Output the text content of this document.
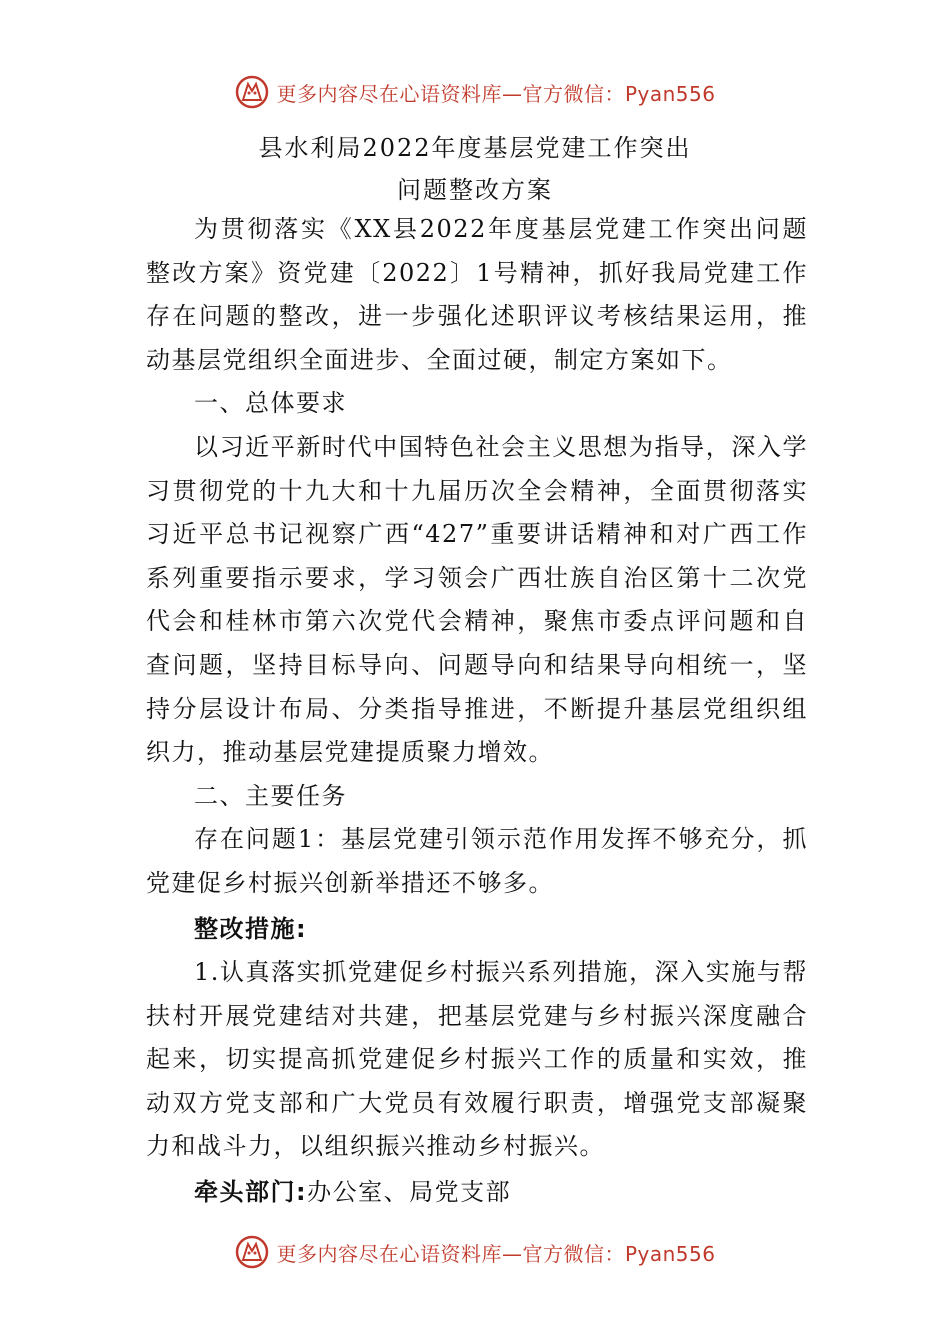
更多内容尽在心语资料库—官方微信：Pyan556
县水利局2022年度基层党建工作突出
问题整改方案

为贯彻落实《XX县2022年度基层党建工作突出问题整改方案》资党建〔2022〕1号精神，抓好我局党建工作存在问题的整改，进一步强化述职评议考核结果运用，推动基层党组织全面进步、全面过硬，制定方案如下。

一、总体要求

以习近平新时代中国特色社会主义思想为指导，深入学习贯彻党的十九大和十九届历次全会精神，全面贯彻落实习近平总书记视察广西“427”重要讲话精神和对广西工作系列重要指示要求，学习领会广西壮族自治区第十二次党代会和桂林市第六次党代会精神，聚焦市委点评问题和自查问题，坚持目标导向、问题导向和结果导向相统一，坚持分层设计布局、分类指导推进，不断提升基层党组织组织力，推动基层党建提质聚力增效。

二、主要任务

存在问题1：基层党建引领示范作用发挥不够充分，抓党建促乡村振兴创新举措还不够多。

整改措施:

1.认真落实抓党建促乡村振兴系列措施，深入实施与帮扶村开展党建结对共建，把基层党建与乡村振兴深度融合起来，切实提高抓党建促乡村振兴工作的质量和实效，推动双方党支部和广大党员有效履行职责，增强党支部凝聚力和战斗力，以组织振兴推动乡村振兴。

牵头部门:办公室、局党支部

更多内容尽在心语资料库—官方微信：Pyan556
